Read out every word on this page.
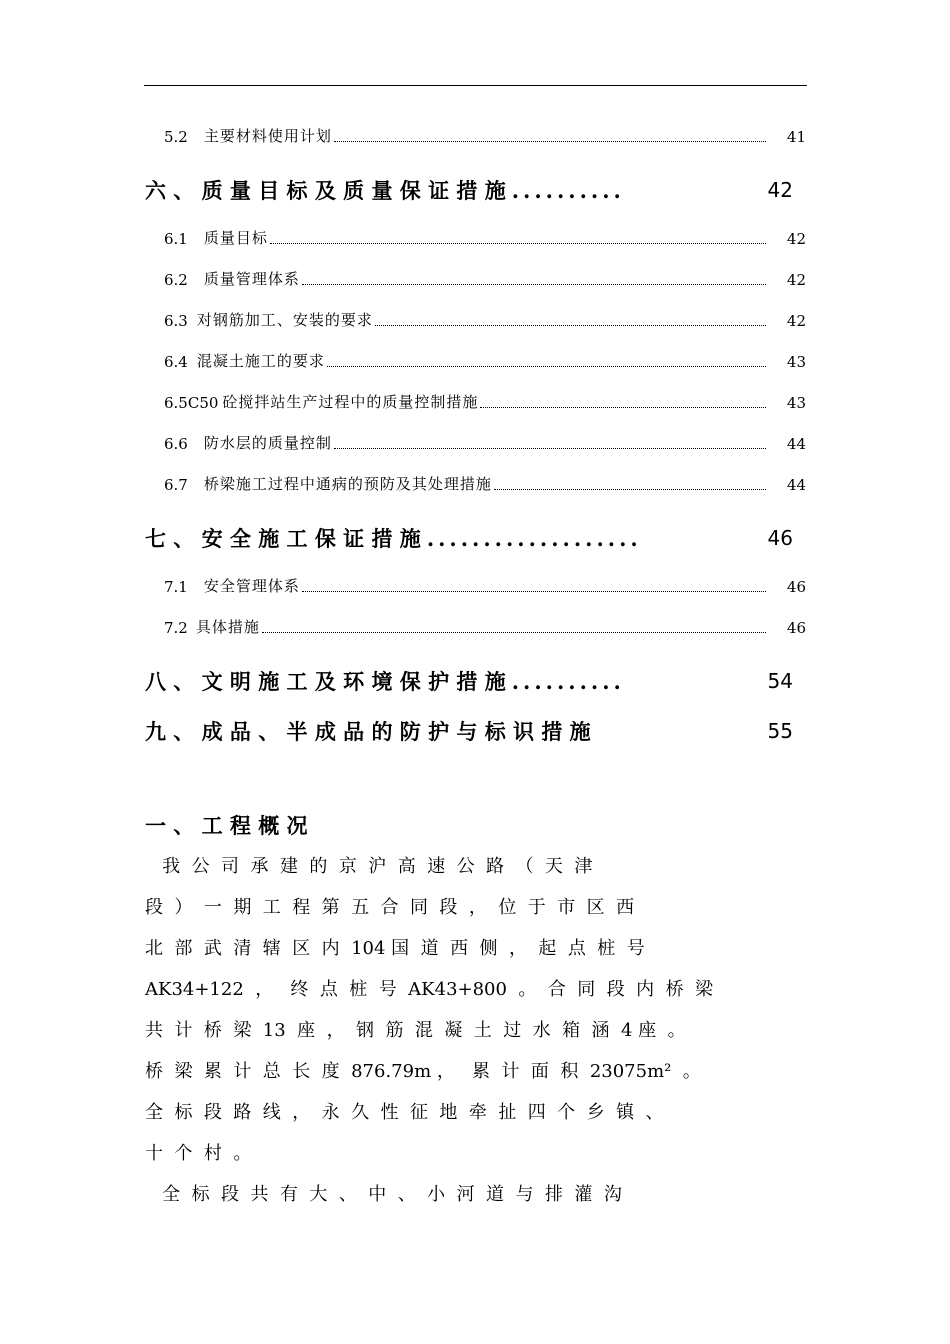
5.2 主要材料使用计划	41
六 、 质 量 目 标 及 质 量 保 证 措 施 ..........	42
6.1 质量目标	42
6.2 质量管理体系	42
6.3 对钢筋加工、安装的要求	42
6.4 混凝土施工的要求	43
6.5C50 砼搅拌站生产过程中的质量控制措施	43
6.6 防水层的质量控制	44
6.7 桥梁施工过程中通病的预防及其处理措施	44
七 、 安 全 施 工 保 证 措 施 ...................	46
7.1 安全管理体系	46
7.2 具体措施	46
八 、 文 明 施 工 及 环 境 保 护 措 施 ..........	54
九 、 成 品 、 半 成 品 的 防 护 与 标 识 措 施	55
一 、 工 程 概 况
我  公  司  承  建  的  京  沪  高  速  公  路  （  天  津
段  ）  一  期  工  程  第  五  合  同  段  ，  位  于  市  区  西
北  部  武  清  辖  区  内  104 国  道  西  侧  ，  起  点  桩  号
AK34+122  ，   终  点  桩  号  AK43+800  。  合  同  段  内  桥  梁
共  计  桥  梁  13  座  ，  钢  筋  混  凝  土  过  水  箱  涵  4 座  。
桥  梁  累  计  总  长  度  876.79m ，   累  计  面  积  23075m²  。
全  标  段  路  线  ，  永  久  性  征  地  牵  扯  四  个  乡  镇  、
十  个  村  。
全  标  段  共  有  大  、  中  、  小  河  道  与  排  灌  沟
